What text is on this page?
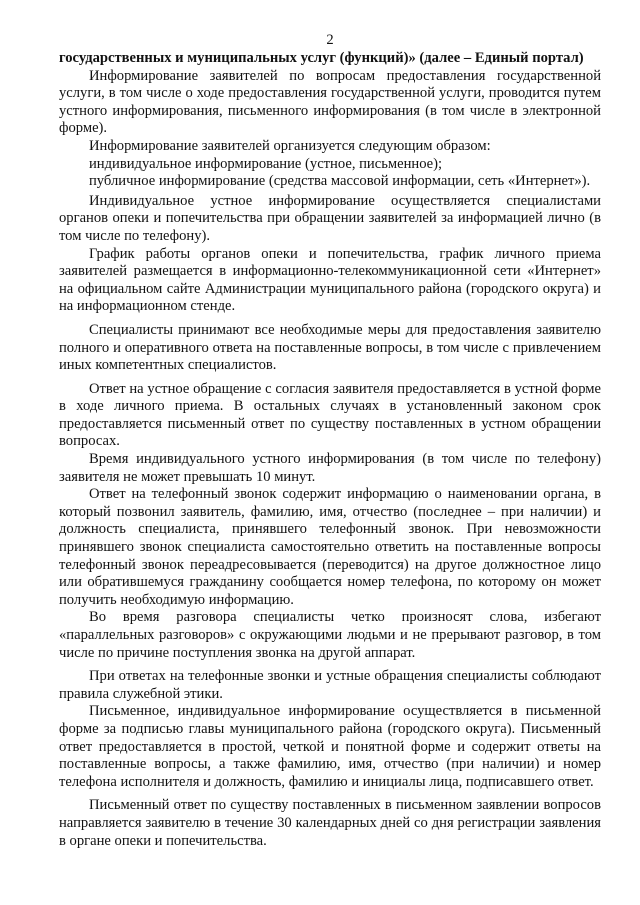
2

государственных и муниципальных услуг (функций)» (далее – Единый портал)

Информирование заявителей по вопросам предоставления государственной услуги, в том числе о ходе предоставления государственной услуги, проводится путем устного информирования, письменного информирования (в том числе в электронной форме).

Информирование заявителей организуется следующим образом:

индивидуальное информирование (устное, письменное);

публичное информирование (средства массовой информации, сеть «Интернет»).

Индивидуальное устное информирование осуществляется специалистами органов опеки и попечительства при обращении заявителей за информацией лично (в том числе по телефону).

График работы органов опеки и попечительства, график личного приема заявителей размещается в информационно-телекоммуникационной сети «Интернет» на официальном сайте Администрации муниципального района (городского округа) и на информационном стенде.

Специалисты принимают все необходимые меры для предоставления заявителю полного и оперативного ответа на поставленные вопросы, в том числе с привлечением иных компетентных специалистов.

Ответ на устное обращение с согласия заявителя предоставляется в устной форме в ходе личного приема. В остальных случаях в установленный законом срок предоставляется письменный ответ по существу поставленных в устном обращении вопросах.

Время индивидуального устного информирования (в том числе по телефону) заявителя не может превышать 10 минут.

Ответ на телефонный звонок содержит информацию о наименовании органа, в который позвонил заявитель, фамилию, имя, отчество (последнее – при наличии) и должность специалиста, принявшего телефонный звонок. При невозможности принявшего звонок специалиста самостоятельно ответить на поставленные вопросы телефонный звонок переадресовывается (переводится) на другое должностное лицо или обратившемуся гражданину сообщается номер телефона, по которому он может получить необходимую информацию.

Во время разговора специалисты четко произносят слова, избегают «параллельных разговоров» с окружающими людьми и не прерывают разговор, в том числе по причине поступления звонка на другой аппарат.

При ответах на телефонные звонки и устные обращения специалисты соблюдают правила служебной этики.

Письменное, индивидуальное информирование осуществляется в письменной форме за подписью главы муниципального района (городского округа). Письменный ответ предоставляется в простой, четкой и понятной форме и содержит ответы на поставленные вопросы, а также фамилию, имя, отчество (при наличии) и номер телефона исполнителя и должность, фамилию и инициалы лица, подписавшего ответ.

Письменный ответ по существу поставленных в письменном заявлении вопросов направляется заявителю в течение 30 календарных дней со дня регистрации заявления в органе опеки и попечительства.
